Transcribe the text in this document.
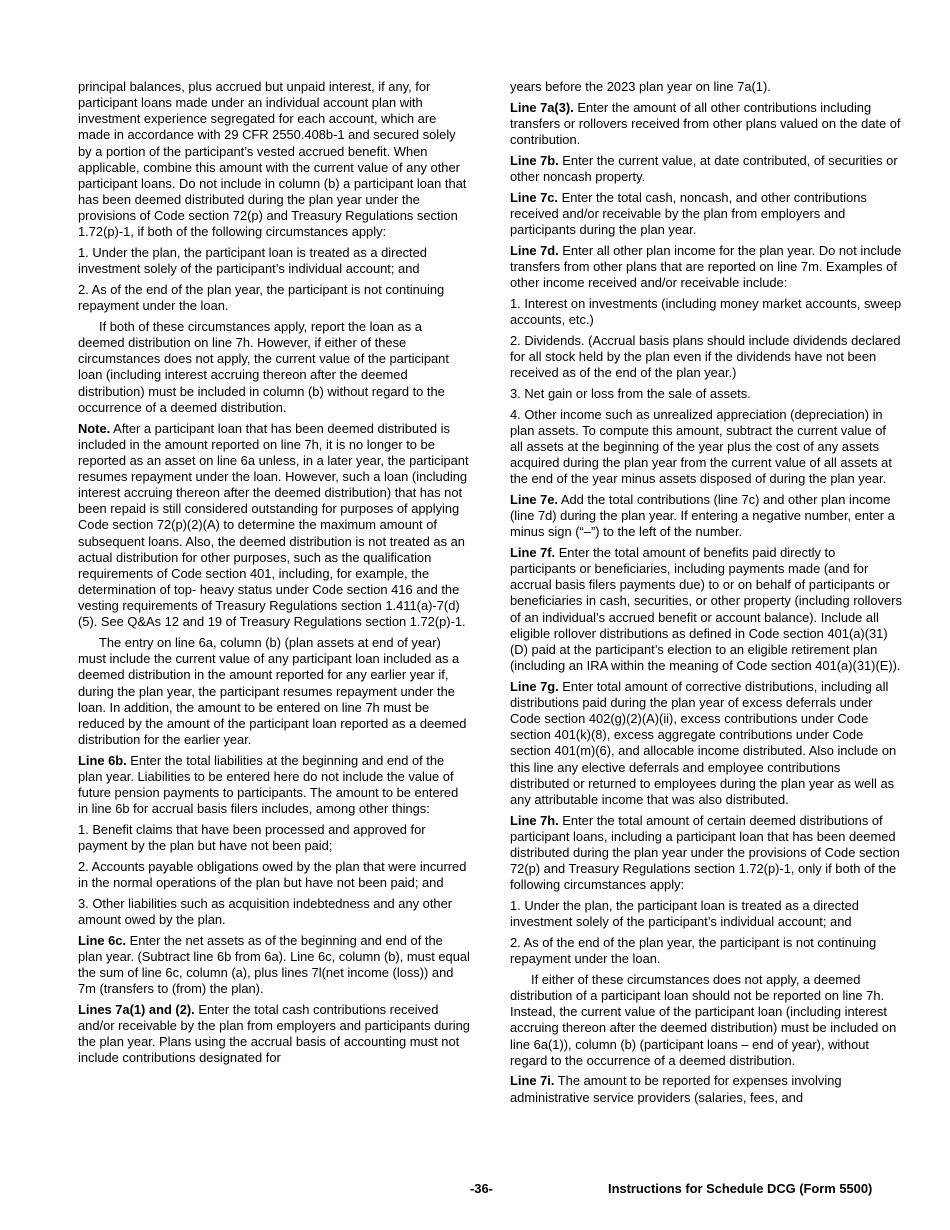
principal balances, plus accrued but unpaid interest, if any, for participant loans made under an individual account plan with investment experience segregated for each account, which are made in accordance with 29 CFR 2550.408b-1 and secured solely by a portion of the participant’s vested accrued benefit. When applicable, combine this amount with the current value of any other participant loans. Do not include in column (b) a participant loan that has been deemed distributed during the plan year under the provisions of Code section 72(p) and Treasury Regulations section 1.72(p)-1, if both of the following circumstances apply:

1. Under the plan, the participant loan is treated as a directed investment solely of the participant’s individual account; and

2. As of the end of the plan year, the participant is not continuing repayment under the loan.

If both of these circumstances apply, report the loan as a deemed distribution on line 7h. However, if either of these circumstances does not apply, the current value of the participant loan (including interest accruing thereon after the deemed distribution) must be included in column (b) without regard to the occurrence of a deemed distribution.

Note. After a participant loan that has been deemed distributed is included in the amount reported on line 7h, it is no longer to be reported as an asset on line 6a unless, in a later year, the participant resumes repayment under the loan. However, such a loan (including interest accruing thereon after the deemed distribution) that has not been repaid is still considered outstanding for purposes of applying Code section 72(p)(2)(A) to determine the maximum amount of subsequent loans. Also, the deemed distribution is not treated as an actual distribution for other purposes, such as the qualification requirements of Code section 401, including, for example, the determination of top- heavy status under Code section 416 and the vesting requirements of Treasury Regulations section 1.411(a)-7(d)(5). See Q&As 12 and 19 of Treasury Regulations section 1.72(p)-1.

The entry on line 6a, column (b) (plan assets at end of year) must include the current value of any participant loan included as a deemed distribution in the amount reported for any earlier year if, during the plan year, the participant resumes repayment under the loan. In addition, the amount to be entered on line 7h must be reduced by the amount of the participant loan reported as a deemed distribution for the earlier year.

Line 6b. Enter the total liabilities at the beginning and end of the plan year. Liabilities to be entered here do not include the value of future pension payments to participants. The amount to be entered in line 6b for accrual basis filers includes, among other things:

1. Benefit claims that have been processed and approved for payment by the plan but have not been paid;

2. Accounts payable obligations owed by the plan that were incurred in the normal operations of the plan but have not been paid; and

3. Other liabilities such as acquisition indebtedness and any other amount owed by the plan.

Line 6c. Enter the net assets as of the beginning and end of the plan year. (Subtract line 6b from 6a). Line 6c, column (b), must equal the sum of line 6c, column (a), plus lines 7l(net income (loss)) and 7m (transfers to (from) the plan).

Lines 7a(1) and (2). Enter the total cash contributions received and/or receivable by the plan from employers and participants during the plan year. Plans using the accrual basis of accounting must not include contributions designated for

years before the 2023 plan year on line 7a(1).

Line 7a(3). Enter the amount of all other contributions including transfers or rollovers received from other plans valued on the date of contribution.

Line 7b. Enter the current value, at date contributed, of securities or other noncash property.

Line 7c. Enter the total cash, noncash, and other contributions received and/or receivable by the plan from employers and participants during the plan year.

Line 7d. Enter all other plan income for the plan year. Do not include transfers from other plans that are reported on line 7m. Examples of other income received and/or receivable include:

1. Interest on investments (including money market accounts, sweep accounts, etc.)

2. Dividends. (Accrual basis plans should include dividends declared for all stock held by the plan even if the dividends have not been received as of the end of the plan year.)

3. Net gain or loss from the sale of assets.

4. Other income such as unrealized appreciation (depreciation) in plan assets. To compute this amount, subtract the current value of all assets at the beginning of the year plus the cost of any assets acquired during the plan year from the current value of all assets at the end of the year minus assets disposed of during the plan year.

Line 7e. Add the total contributions (line 7c) and other plan income (line 7d) during the plan year. If entering a negative number, enter a minus sign (“–”) to the left of the number.

Line 7f. Enter the total amount of benefits paid directly to participants or beneficiaries, including payments made (and for accrual basis filers payments due) to or on behalf of participants or beneficiaries in cash, securities, or other property (including rollovers of an individual’s accrued benefit or account balance). Include all eligible rollover distributions as defined in Code section 401(a)(31)(D) paid at the participant’s election to an eligible retirement plan (including an IRA within the meaning of Code section 401(a)(31)(E)).

Line 7g. Enter total amount of corrective distributions, including all distributions paid during the plan year of excess deferrals under Code section 402(g)(2)(A)(ii), excess contributions under Code section 401(k)(8), excess aggregate contributions under Code section 401(m)(6), and allocable income distributed. Also include on this line any elective deferrals and employee contributions distributed or returned to employees during the plan year as well as any attributable income that was also distributed.

Line 7h. Enter the total amount of certain deemed distributions of participant loans, including a participant loan that has been deemed distributed during the plan year under the provisions of Code section 72(p) and Treasury Regulations section 1.72(p)-1, only if both of the following circumstances apply:

1. Under the plan, the participant loan is treated as a directed investment solely of the participant’s individual account; and

2. As of the end of the plan year, the participant is not continuing repayment under the loan.

If either of these circumstances does not apply, a deemed distribution of a participant loan should not be reported on line 7h. Instead, the current value of the participant loan (including interest accruing thereon after the deemed distribution) must be included on line 6a(1)), column (b) (participant loans – end of year), without regard to the occurrence of a deemed distribution.

Line 7i. The amount to be reported for expenses involving administrative service providers (salaries, fees, and

-36-	Instructions for Schedule DCG (Form 5500)
